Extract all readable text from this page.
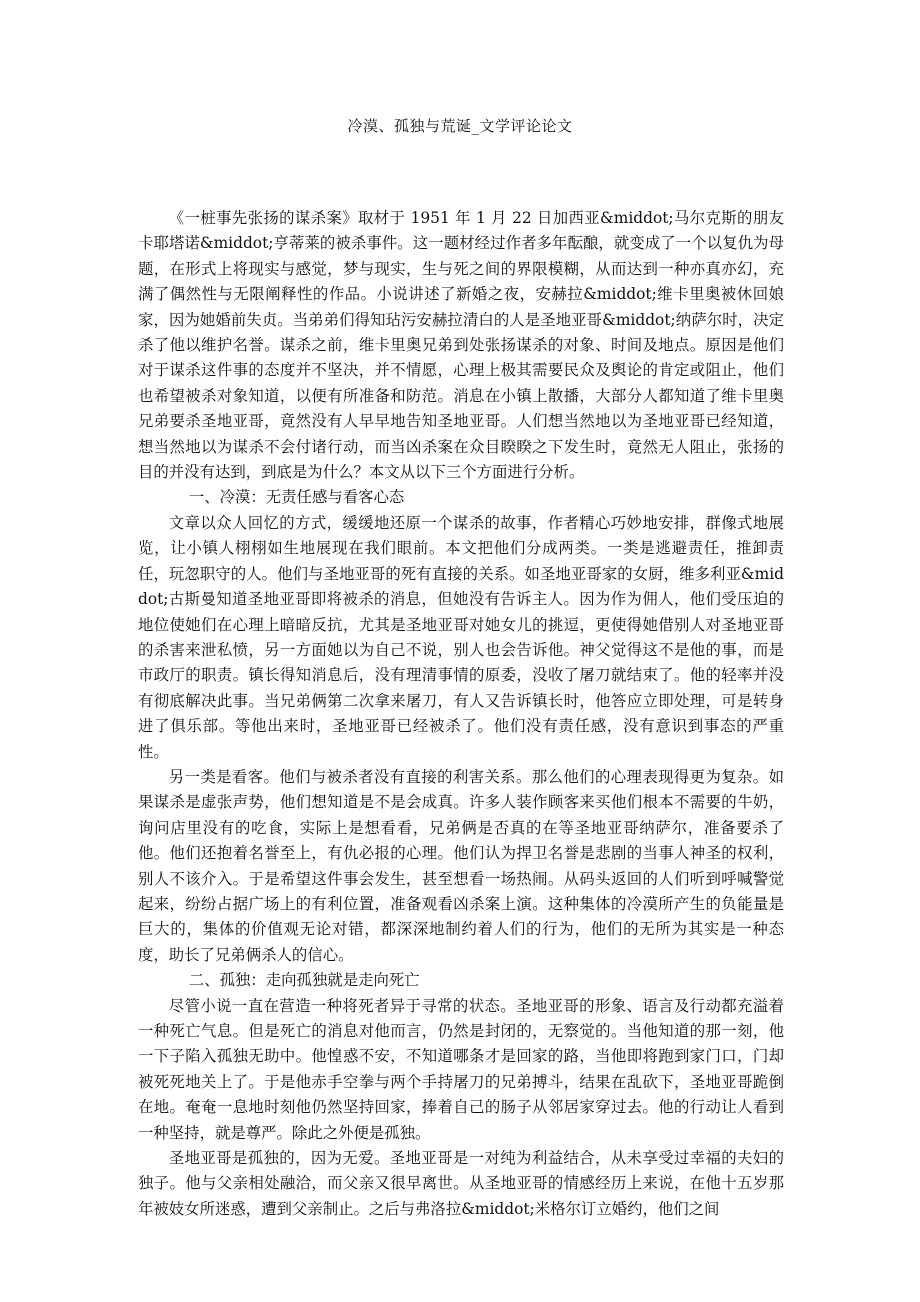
冷漠、孤独与荒诞_文学评论论文

《一桩事先张扬的谋杀案》取材于 1951 年 1 月 22 日加西亚&middot;马尔克斯的朋友卡耶塔诺&middot;亨蒂莱的被杀事件。这一题材经过作者多年酝酿，就变成了一个以复仇为母题，在形式上将现实与感觉，梦与现实，生与死之间的界限模糊，从而达到一种亦真亦幻，充满了偶然性与无限阐释性的作品。小说讲述了新婚之夜，安赫拉&middot;维卡里奥被休回娘家，因为她婚前失贞。当弟弟们得知玷污安赫拉清白的人是圣地亚哥&middot;纳萨尔时，决定杀了他以维护名誉。谋杀之前，维卡里奥兄弟到处张扬谋杀的对象、时间及地点。原因是他们对于谋杀这件事的态度并不坚决，并不情愿，心理上极其需要民众及舆论的肯定或阻止，他们也希望被杀对象知道，以便有所准备和防范。消息在小镇上散播，大部分人都知道了维卡里奥兄弟要杀圣地亚哥，竟然没有人早早地告知圣地亚哥。人们想当然地以为圣地亚哥已经知道，想当然地以为谋杀不会付诸行动，而当凶杀案在众目睽睽之下发生时，竟然无人阻止，张扬的目的并没有达到，到底是为什么？本文从以下三个方面进行分析。

一、冷漠：无责任感与看客心态

文章以众人回忆的方式，缓缓地还原一个谋杀的故事，作者精心巧妙地安排，群像式地展览，让小镇人栩栩如生地展现在我们眼前。本文把他们分成两类。一类是逃避责任，推卸责任，玩忽职守的人。他们与圣地亚哥的死有直接的关系。如圣地亚哥家的女厨，维多利亚&middot;古斯曼知道圣地亚哥即将被杀的消息，但她没有告诉主人。因为作为佣人，他们受压迫的地位使她们在心理上暗暗反抗，尤其是圣地亚哥对她女儿的挑逗，更使得她借别人对圣地亚哥的杀害来泄私愤，另一方面她以为自己不说，别人也会告诉他。神父觉得这不是他的事，而是市政厅的职责。镇长得知消息后，没有理清事情的原委，没收了屠刀就结束了。他的轻率并没有彻底解决此事。当兄弟俩第二次拿来屠刀，有人又告诉镇长时，他答应立即处理，可是转身进了俱乐部。等他出来时，圣地亚哥已经被杀了。他们没有责任感，没有意识到事态的严重性。

另一类是看客。他们与被杀者没有直接的利害关系。那么他们的心理表现得更为复杂。如果谋杀是虚张声势，他们想知道是不是会成真。许多人装作顾客来买他们根本不需要的牛奶，询问店里没有的吃食，实际上是想看看，兄弟俩是否真的在等圣地亚哥纳萨尔，准备要杀了他。他们还抱着名誉至上，有仇必报的心理。他们认为捍卫名誉是悲剧的当事人神圣的权利，别人不该介入。于是希望这件事会发生，甚至想看一场热闹。从码头返回的人们听到呼喊警觉起来，纷纷占据广场上的有利位置，准备观看凶杀案上演。这种集体的冷漠所产生的负能量是巨大的，集体的价值观无论对错，都深深地制约着人们的行为，他们的无所为其实是一种态度，助长了兄弟俩杀人的信心。

二、孤独：走向孤独就是走向死亡

尽管小说一直在营造一种将死者异于寻常的状态。圣地亚哥的形象、语言及行动都充溢着一种死亡气息。但是死亡的消息对他而言，仍然是封闭的，无察觉的。当他知道的那一刻，他一下子陷入孤独无助中。他惶惑不安，不知道哪条才是回家的路，当他即将跑到家门口，门却被死死地关上了。于是他赤手空拳与两个手持屠刀的兄弟搏斗，结果在乱砍下，圣地亚哥跪倒在地。奄奄一息地时刻他仍然坚持回家，捧着自己的肠子从邻居家穿过去。他的行动让人看到一种坚持，就是尊严。除此之外便是孤独。

圣地亚哥是孤独的，因为无爱。圣地亚哥是一对纯为利益结合，从未享受过幸福的夫妇的独子。他与父亲相处融洽，而父亲又很早离世。从圣地亚哥的情感经历上来说，在他十五岁那年被妓女所迷惑，遭到父亲制止。之后与弗洛拉&middot;米格尔订立婚约，他们之间
